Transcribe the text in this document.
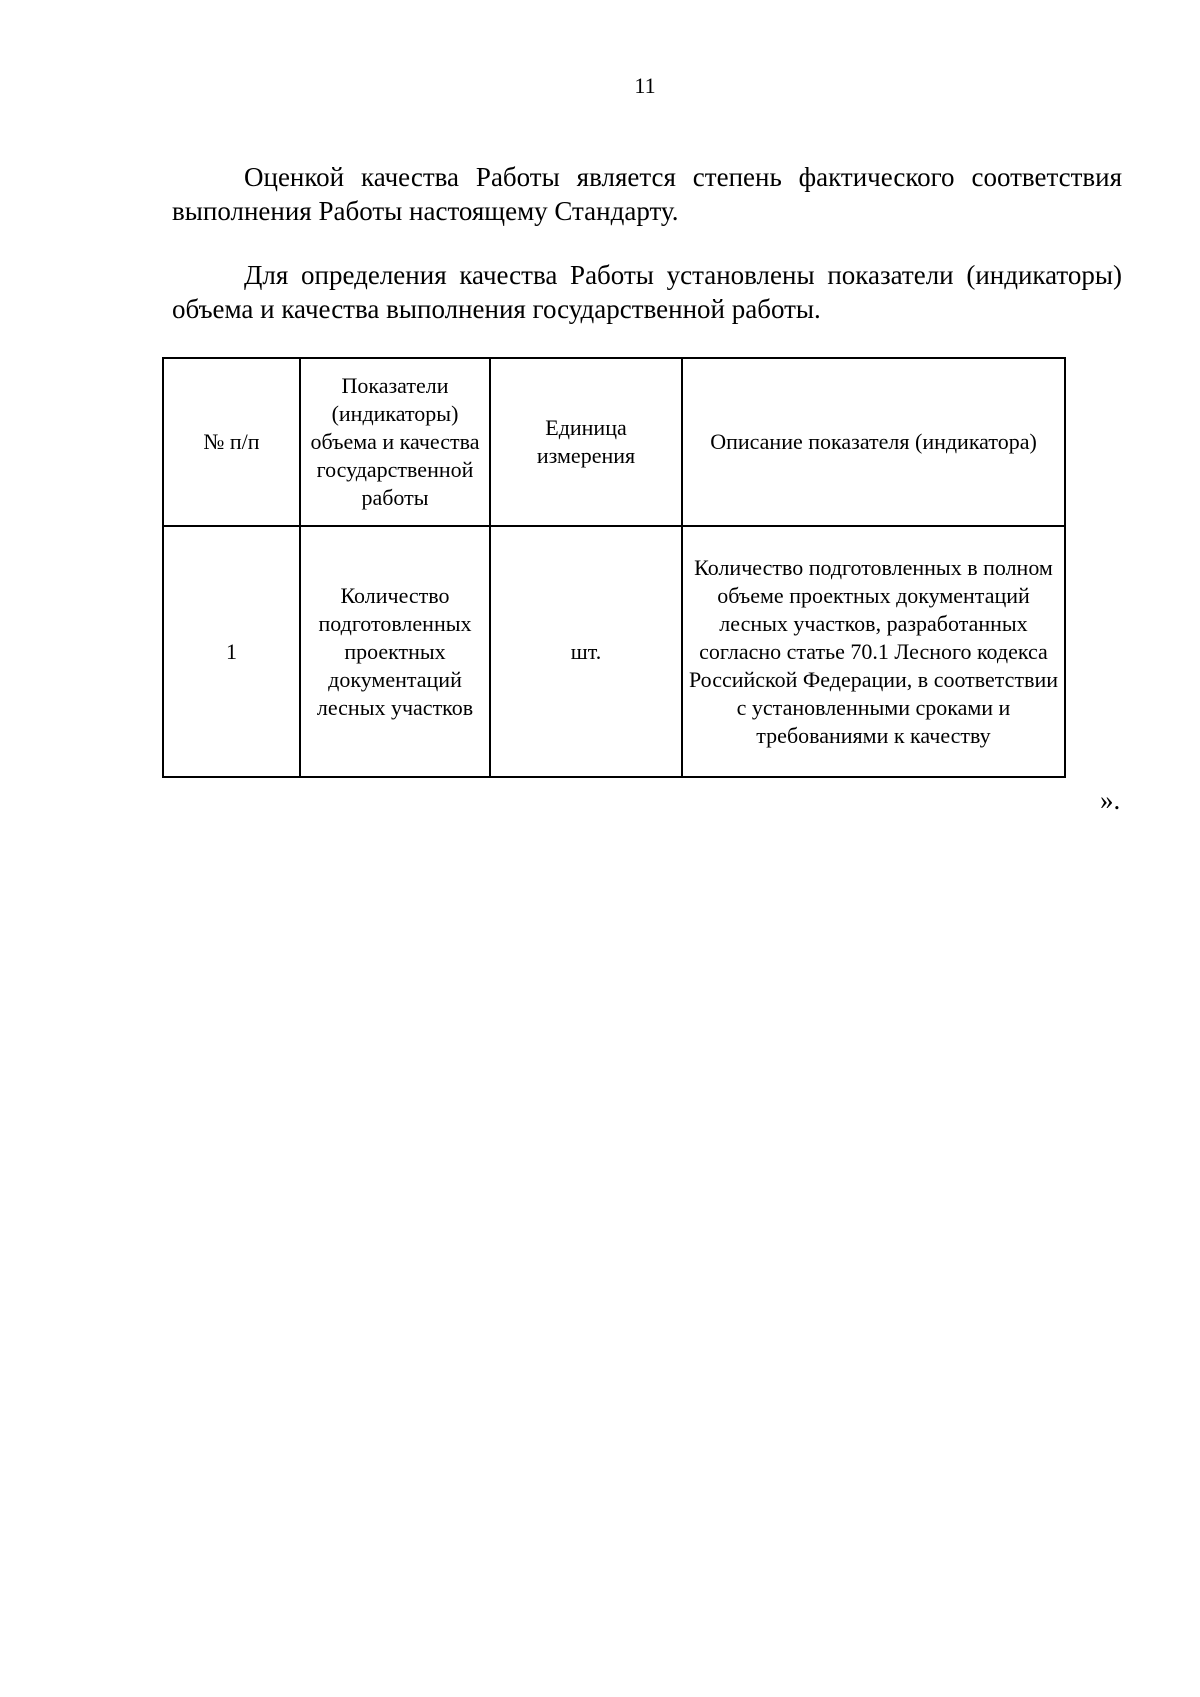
11

Оценкой качества Работы является степень фактического соответствия выполнения Работы настоящему Стандарту.

Для определения качества Работы установлены показатели (индикаторы) объема и качества выполнения государственной работы.

№ п/п	Показатели (индикаторы) объема и качества государственной работы	Единица измерения	Описание показателя (индикатора)
1	Количество подготовленных проектных документаций лесных участков	шт.	Количество подготовленных в полном объеме проектных документаций лесных участков, разработанных согласно статье 70.1 Лесного кодекса Российской Федерации, в соответствии с установленными сроками и требованиями к качеству
».
